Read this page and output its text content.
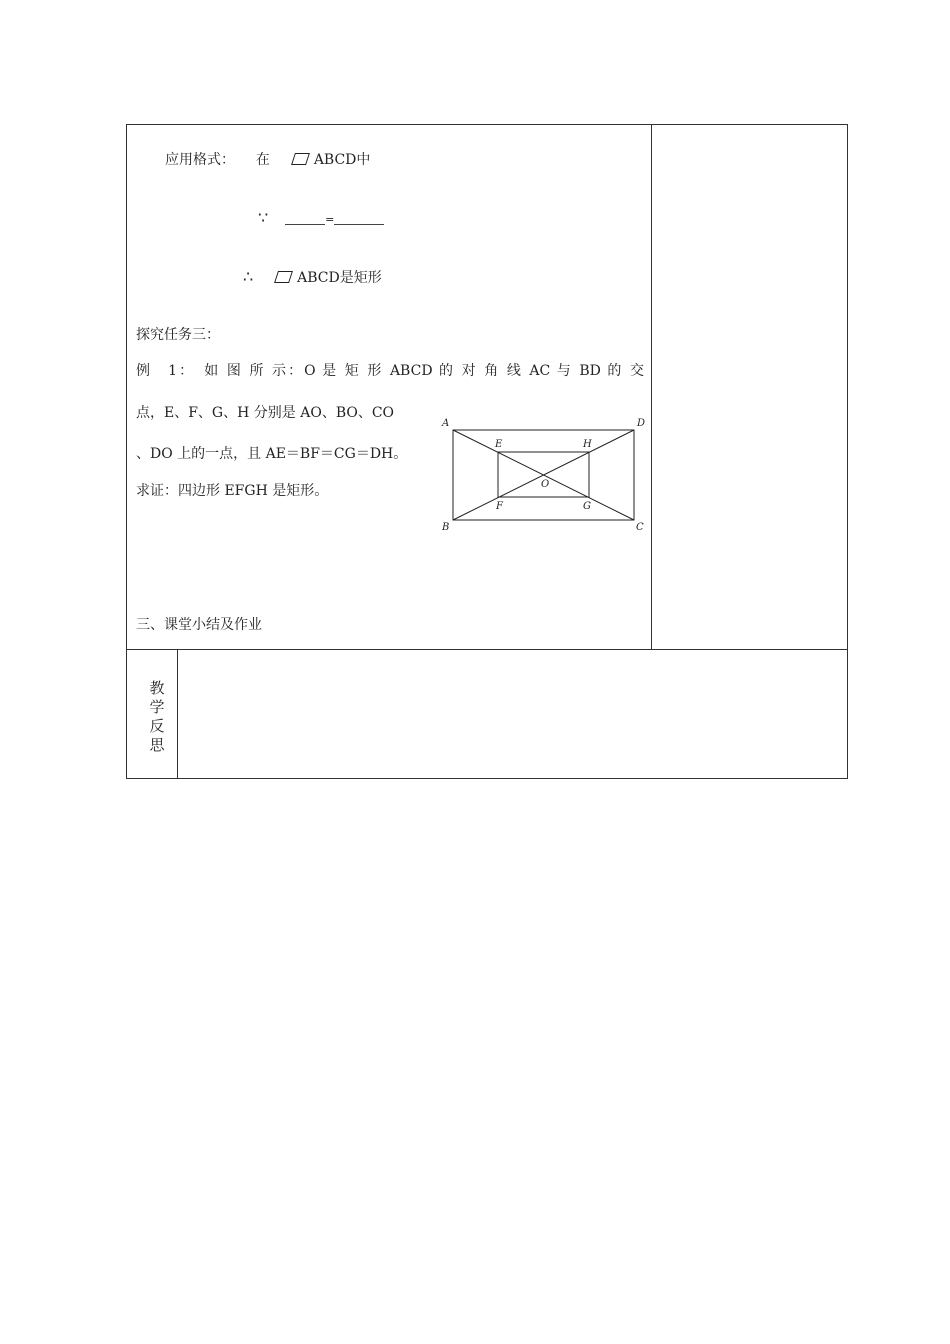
应用格式： 在	ABCD中
∵	=
∴	ABCD是矩形
探究任务三：
例　1：　如 图 所 示：O 是 矩 形 ABCD 的 对 角 线 AC 与 BD 的 交
点，E、F、G、H 分别是 AO、BO、CO
、DO 上的一点，且 AE＝BF＝CG＝DH。
求证：四边形 EFGH 是矩形。
A	D
E	H
O
F	G
B	C
三、课堂小结及作业
教学反思
